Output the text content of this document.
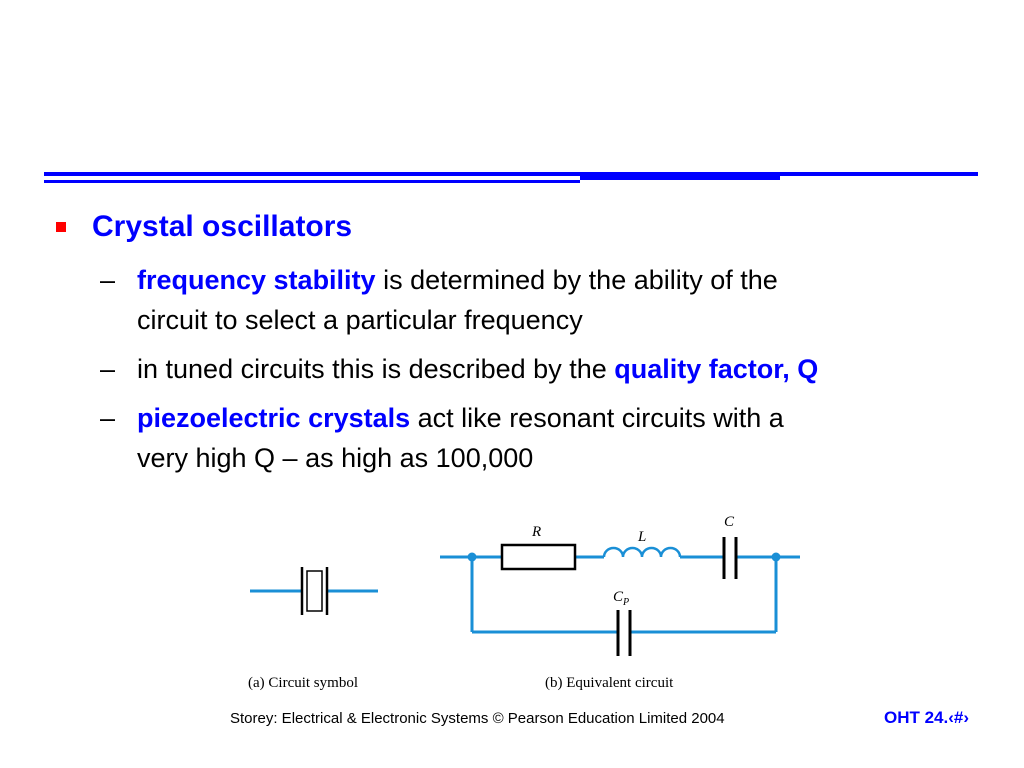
Crystal oscillators
– frequency stability is determined by the ability of the
circuit to select a particular frequency
– in tuned circuits this is described by the quality factor, Q
– piezoelectric crystals act like resonant circuits with a
very high Q – as high as 100,000
R	L
C
$C_P$
(a) Circuit symbol	(b) Equivalent circuit
Storey: Electrical & Electronic Systems © Pearson Education Limited 2004	OHT 24.‹#›
